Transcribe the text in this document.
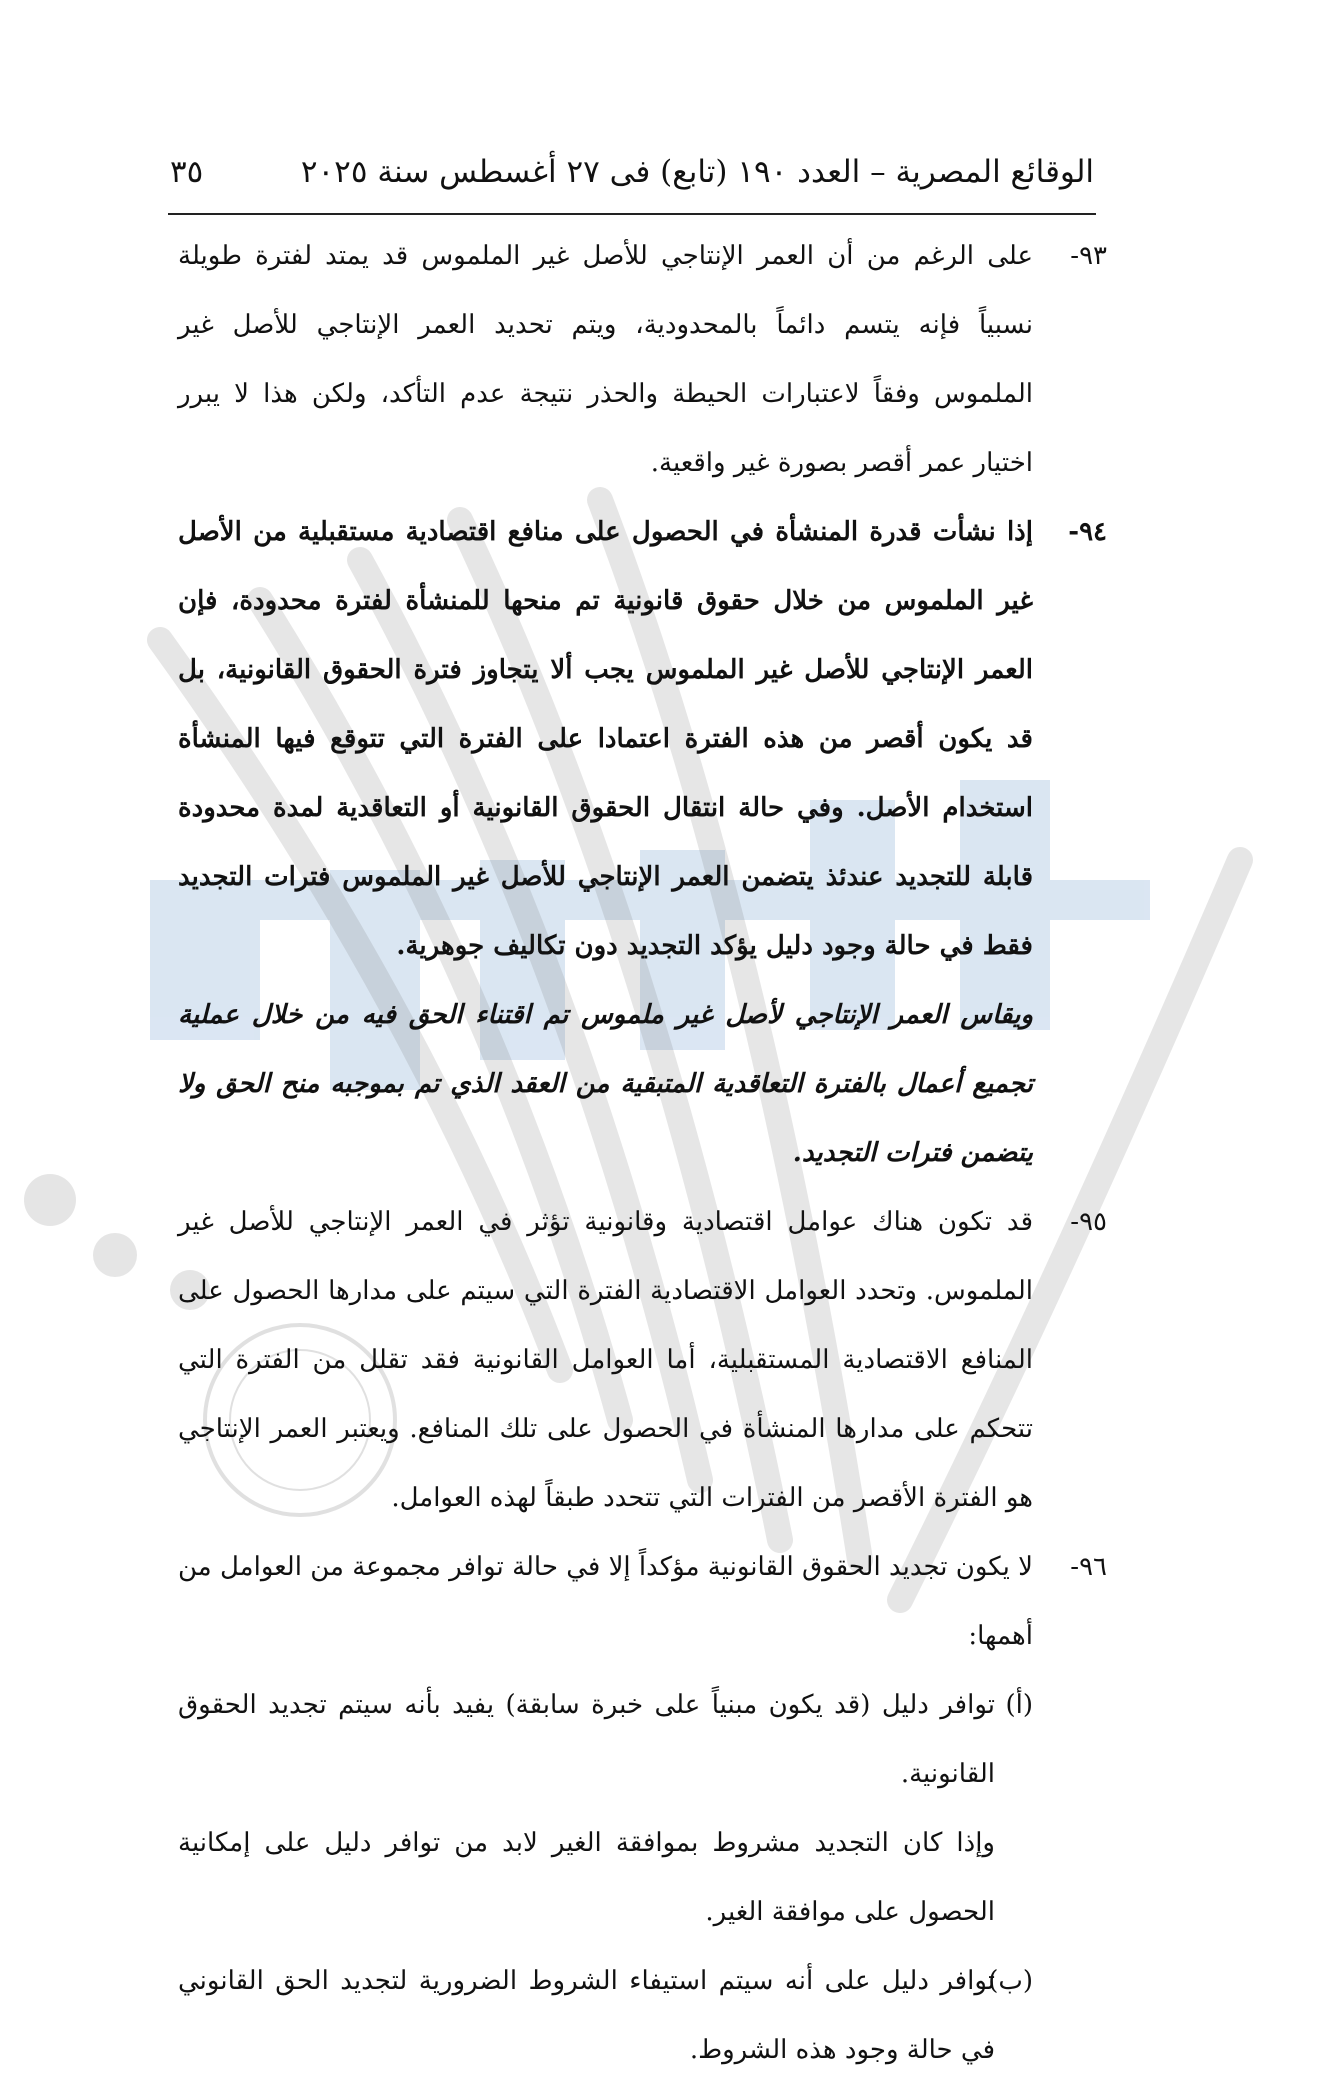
الوقائع المصرية – العدد ١٩٠ (تابع) فى ٢٧ أغسطس سنة ٢٠٢٥
٣٥

٩٣-
على الرغم من أن العمر الإنتاجي للأصل غير الملموس قد يمتد لفترة طويلة نسبياً فإنه يتسم دائماً بالمحدودية، ويتم تحديد العمر الإنتاجي للأصل غير الملموس وفقاً لاعتبارات الحيطة والحذر نتيجة عدم التأكد، ولكن هذا لا يبرر اختيار عمر أقصر بصورة غير واقعية.

٩٤-
إذا نشأت قدرة المنشأة في الحصول على منافع اقتصادية مستقبلية من الأصل غير الملموس من خلال حقوق قانونية تم منحها للمنشأة لفترة محدودة، فإن العمر الإنتاجي للأصل غير الملموس يجب ألا يتجاوز فترة الحقوق القانونية، بل قد يكون أقصر من هذه الفترة اعتمادا على الفترة التي تتوقع فيها المنشأة استخدام الأصل. وفي حالة انتقال الحقوق القانونية أو التعاقدية لمدة محدودة قابلة للتجديد عندئذ يتضمن العمر الإنتاجي للأصل غير الملموس فترات التجديد فقط في حالة وجود دليل يؤكد التجديد دون تكاليف جوهرية.

ويقاس العمر الإنتاجي لأصل غير ملموس تم اقتناء الحق فيه من خلال عملية تجميع أعمال بالفترة التعاقدية المتبقية من العقد الذي تم بموجبه منح الحق ولا يتضمن فترات التجديد.

٩٥-
قد تكون هناك عوامل اقتصادية وقانونية تؤثر في العمر الإنتاجي للأصل غير الملموس. وتحدد العوامل الاقتصادية الفترة التي سيتم على مدارها الحصول على المنافع الاقتصادية المستقبلية، أما العوامل القانونية فقد تقلل من الفترة التي تتحكم على مدارها المنشأة في الحصول على تلك المنافع. ويعتبر العمر الإنتاجي هو الفترة الأقصر من الفترات التي تتحدد طبقاً لهذه العوامل.

٩٦-
لا يكون تجديد الحقوق القانونية مؤكداً إلا في حالة توافر مجموعة من العوامل من أهمها:

(أ)
توافر دليل (قد يكون مبنياً على خبرة سابقة) يفيد بأنه سيتم تجديد الحقوق القانونية.

وإذا كان التجديد مشروط بموافقة الغير لابد من توافر دليل على إمكانية الحصول على موافقة الغير.

(ب)
توافر دليل على أنه سيتم استيفاء الشروط الضرورية لتجديد الحق القانوني في حالة وجود هذه الشروط.
